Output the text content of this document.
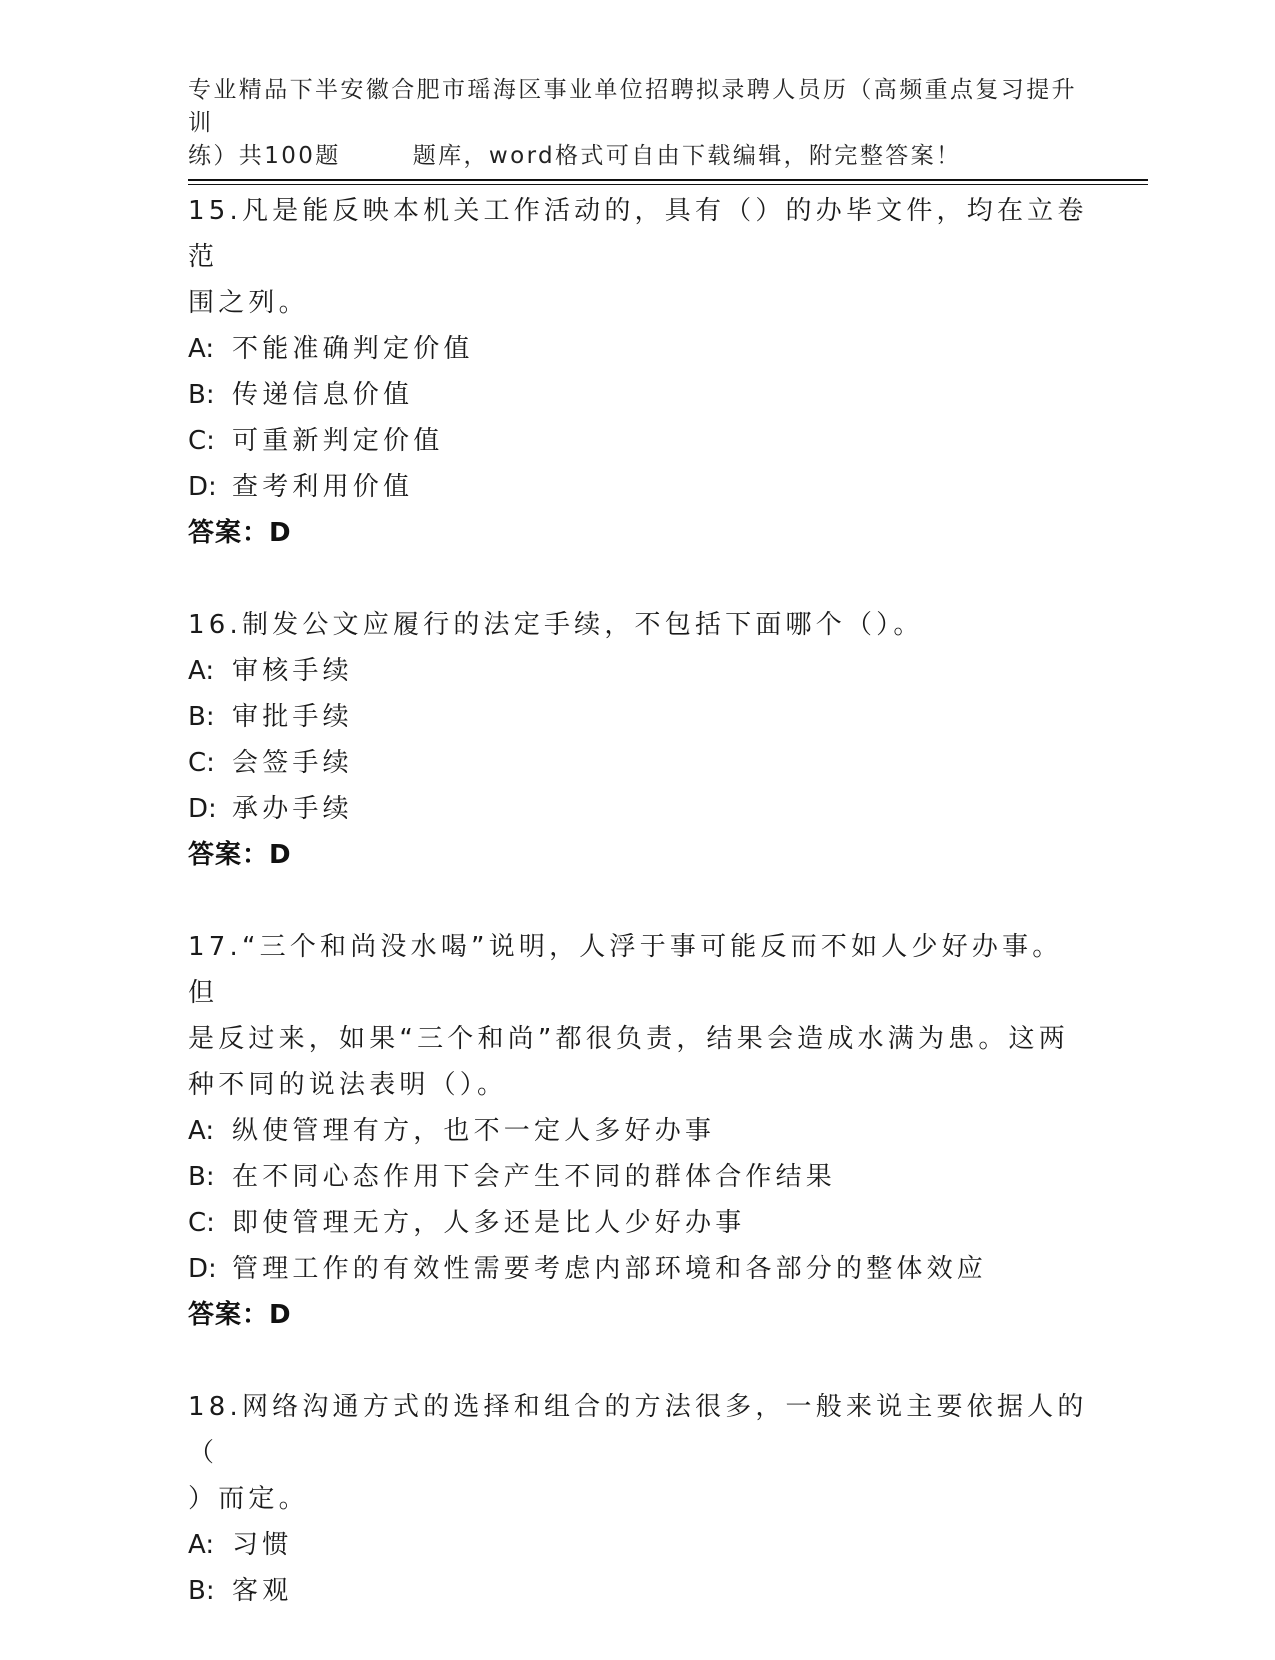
专业精品下半安徽合肥市瑶海区事业单位招聘拟录聘人员历（高频重点复习提升训
练）共100题	题库，word格式可自由下载编辑，附完整答案！
15.凡是能反映本机关工作活动的，具有（）的办毕文件，均在立卷范
围之列。
A: 不能准确判定价值
B: 传递信息价值
C: 可重新判定价值
D: 查考利用价值
答案：D
16.制发公文应履行的法定手续，不包括下面哪个（）。
A: 审核手续
B: 审批手续
C: 会签手续
D: 承办手续
答案：D
17.“三个和尚没水喝”说明，人浮于事可能反而不如人少好办事。但
是反过来，如果“三个和尚”都很负责，结果会造成水满为患。这两
种不同的说法表明（）。
A: 纵使管理有方，也不一定人多好办事
B: 在不同心态作用下会产生不同的群体合作结果
C: 即使管理无方，人多还是比人少好办事
D: 管理工作的有效性需要考虑内部环境和各部分的整体效应
答案：D
18.网络沟通方式的选择和组合的方法很多，一般来说主要依据人的（
）而定。
A: 习惯
B: 客观
